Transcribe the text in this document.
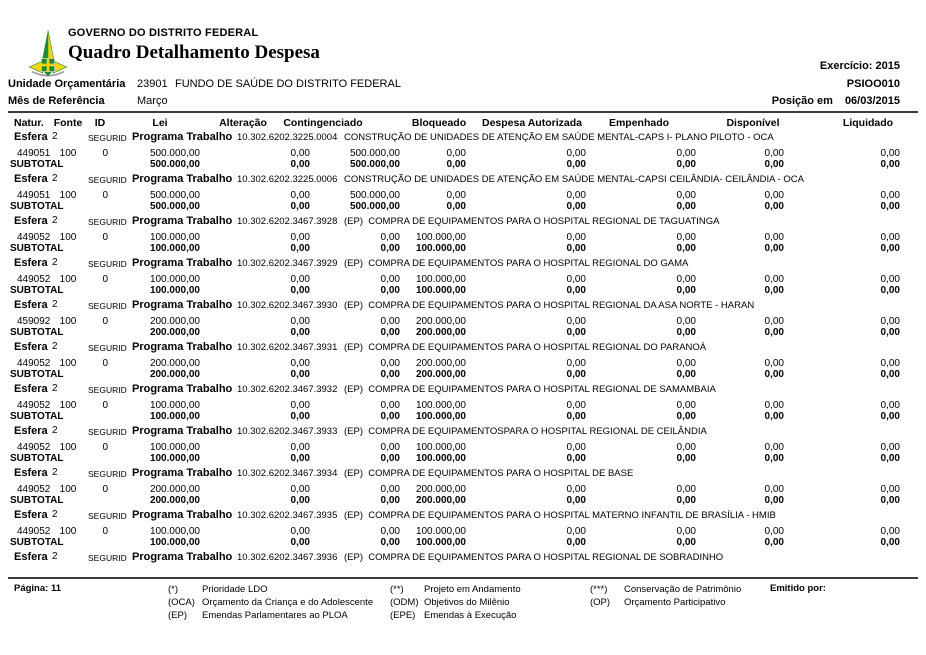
GOVERNO DO DISTRITO FEDERAL
Quadro Detalhamento Despesa
Exercício: 2015
PSIOO010
Posição em 06/03/2015
Unidade Orçamentária 23901 FUNDO DE SAÚDE DO DISTRITO FEDERAL
Mês de Referência	Março
Natur. Fonte	ID	Lei	Alteração	Contingenciado	Bloqueado	Despesa Autorizada	Empenhado	Disponível	Liquidado
Esfera 2	SEGURID Programa Trabalho 10.302.6202.3225.0004 CONSTRUÇÃO DE UNIDADES DE ATENÇÃO EM SAÚDE MENTAL-CAPS I- PLANO PILOTO - OCA
449051 100	0	500.000,00	0,00	500.000,00	0,00	0,00	0,00	0,00	0,00
SUBTOTAL	500.000,00	0,00	500.000,00	0,00	0,00	0,00	0,00	0,00
Esfera 2	SEGURID Programa Trabalho 10.302.6202.3225.0006 CONSTRUÇÃO DE UNIDADES DE ATENÇÃO EM SAÚDE MENTAL-CAPSI CEILÂNDIA- CEILÂNDIA - OCA
449051 100	0	500.000,00	0,00	500.000,00	0,00	0,00	0,00	0,00	0,00
SUBTOTAL	500.000,00	0,00	500.000,00	0,00	0,00	0,00	0,00	0,00
Esfera 2	SEGURID Programa Trabalho 10.302.6202.3467.3928 (EP)  COMPRA DE EQUIPAMENTOS PARA O HOSPITAL REGIONAL DE TAGUATINGA
449052 100	0	100.000,00	0,00	0,00	100.000,00	0,00	0,00	0,00	0,00
SUBTOTAL	100.000,00	0,00	0,00	100.000,00	0,00	0,00	0,00	0,00
Esfera 2	SEGURID Programa Trabalho 10.302.6202.3467.3929 (EP)  COMPRA DE EQUIPAMENTOS PARA O HOSPITAL REGIONAL DO GAMA
449052 100	0	100.000,00	0,00	0,00	100.000,00	0,00	0,00	0,00	0,00
SUBTOTAL	100.000,00	0,00	0,00	100.000,00	0,00	0,00	0,00	0,00
Esfera 2	SEGURID Programa Trabalho 10.302.6202.3467.3930 (EP)  COMPRA DE EQUIPAMENTOS PARA O HOSPITAL REGIONAL DA ASA NORTE - HARAN
459092 100	0	200.000,00	0,00	0,00	200.000,00	0,00	0,00	0,00	0,00
SUBTOTAL	200.000,00	0,00	0,00	200.000,00	0,00	0,00	0,00	0,00
Esfera 2	SEGURID Programa Trabalho 10.302.6202.3467.3931 (EP)  COMPRA DE EQUIPAMENTOS PARA O HOSPITAL REGIONAL DO PARANOÁ
449052 100	0	200.000,00	0,00	0,00	200.000,00	0,00	0,00	0,00	0,00
SUBTOTAL	200.000,00	0,00	0,00	200.000,00	0,00	0,00	0,00	0,00
Esfera 2	SEGURID Programa Trabalho 10.302.6202.3467.3932 (EP)  COMPRA DE EQUIPAMENTOS PARA O HOSPITAL REGIONAL DE SAMAMBAIA
449052 100	0	100.000,00	0,00	0,00	100.000,00	0,00	0,00	0,00	0,00
SUBTOTAL	100.000,00	0,00	0,00	100.000,00	0,00	0,00	0,00	0,00
Esfera 2	SEGURID Programa Trabalho 10.302.6202.3467.3933 (EP)  COMPRA DE EQUIPAMENTOSPARA O HOSPITAL REGIONAL DE CEILÂNDIA
449052 100	0	100.000,00	0,00	0,00	100.000,00	0,00	0,00	0,00	0,00
SUBTOTAL	100.000,00	0,00	0,00	100.000,00	0,00	0,00	0,00	0,00
Esfera 2	SEGURID Programa Trabalho 10.302.6202.3467.3934 (EP)  COMPRA DE EQUIPAMENTOS PARA O HOSPITAL DE BASE
449052 100	0	200.000,00	0,00	0,00	200.000,00	0,00	0,00	0,00	0,00
SUBTOTAL	200.000,00	0,00	0,00	200.000,00	0,00	0,00	0,00	0,00
Esfera 2	SEGURID Programa Trabalho 10.302.6202.3467.3935 (EP)  COMPRA DE EQUIPAMENTOS PARA O HOSPITAL MATERNO INFANTIL DE BRASÍLIA - HMIB
449052 100	0	100.000,00	0,00	0,00	100.000,00	0,00	0,00	0,00	0,00
SUBTOTAL	100.000,00	0,00	0,00	100.000,00	0,00	0,00	0,00	0,00
Esfera 2	SEGURID Programa Trabalho 10.302.6202.3467.3936 (EP)  COMPRA DE EQUIPAMENTOS PARA O HOSPITAL REGIONAL DE SOBRADINHO
Página: 11	(*)	Prioridade LDO
(OCA) Orçamento da Criança e do Adolescente
(EP) Emendas Parlamentares ao PLOA
(**) Projeto em Andamento
(ODM) Objetivos do Milênio
(EPE) Emendas à Execução
(***) Conservação de Patrimônio
(OP) Orçamento Participativo
Emitido por:
